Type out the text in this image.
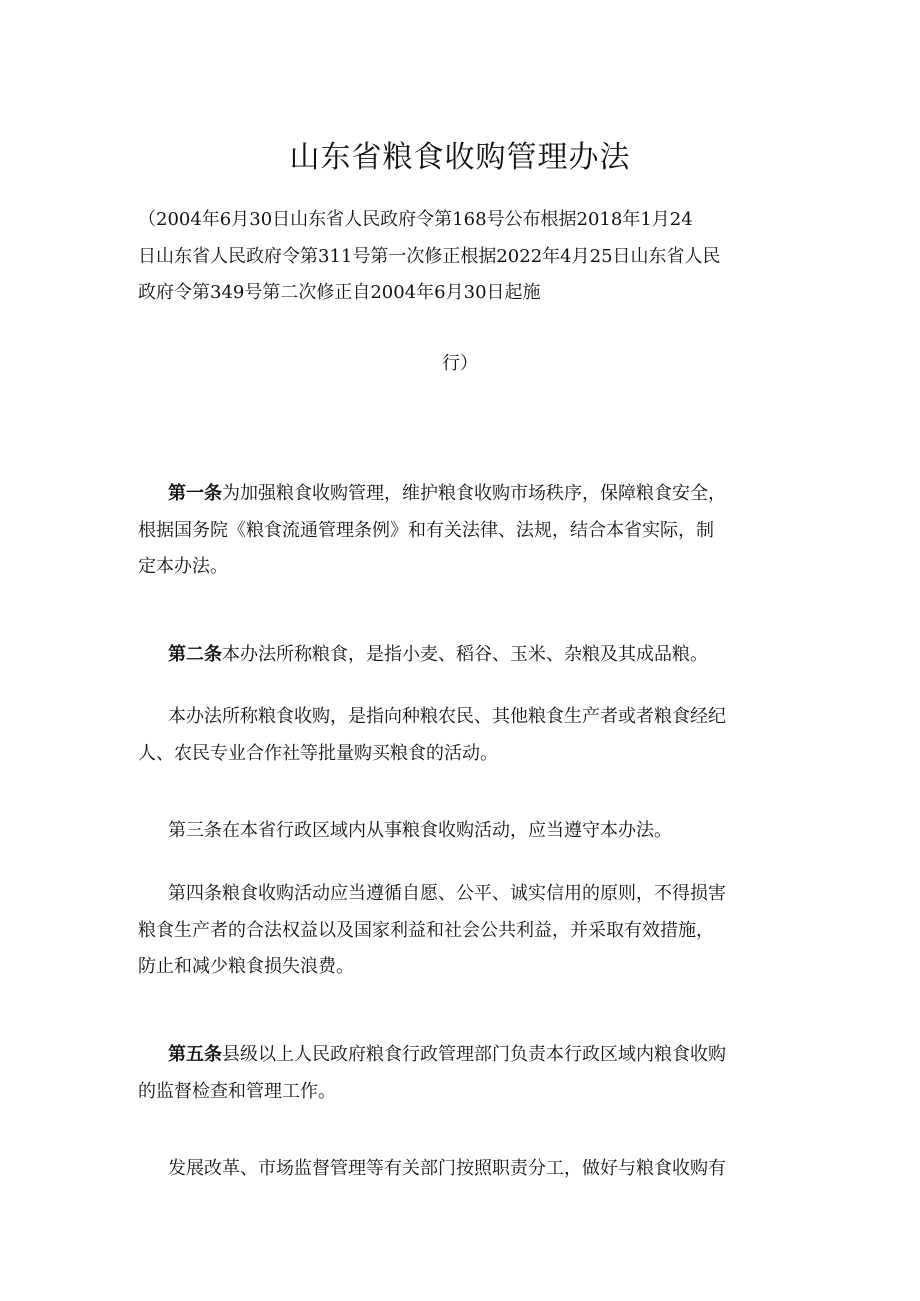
山东省粮食收购管理办法
（2004年6月30日山东省人民政府令第168号公布根据2018年1月24
日山东省人民政府令第311号第一次修正根据2022年4月25日山东省人民
政府令第349号第二次修正自2004年6月30日起施
行）
第一条为加强粮食收购管理，维护粮食收购市场秩序，保障粮食安全，
根据国务院《粮食流通管理条例》和有关法律、法规，结合本省实际，制
定本办法。
第二条本办法所称粮食，是指小麦、稻谷、玉米、杂粮及其成品粮。
本办法所称粮食收购，是指向种粮农民、其他粮食生产者或者粮食经纪
人、农民专业合作社等批量购买粮食的活动。
第三条在本省行政区域内从事粮食收购活动，应当遵守本办法。
第四条粮食收购活动应当遵循自愿、公平、诚实信用的原则，不得损害
粮食生产者的合法权益以及国家利益和社会公共利益，并采取有效措施，
防止和减少粮食损失浪费。
第五条县级以上人民政府粮食行政管理部门负责本行政区域内粮食收购
的监督检查和管理工作。
发展改革、市场监督管理等有关部门按照职责分工，做好与粮食收购有
